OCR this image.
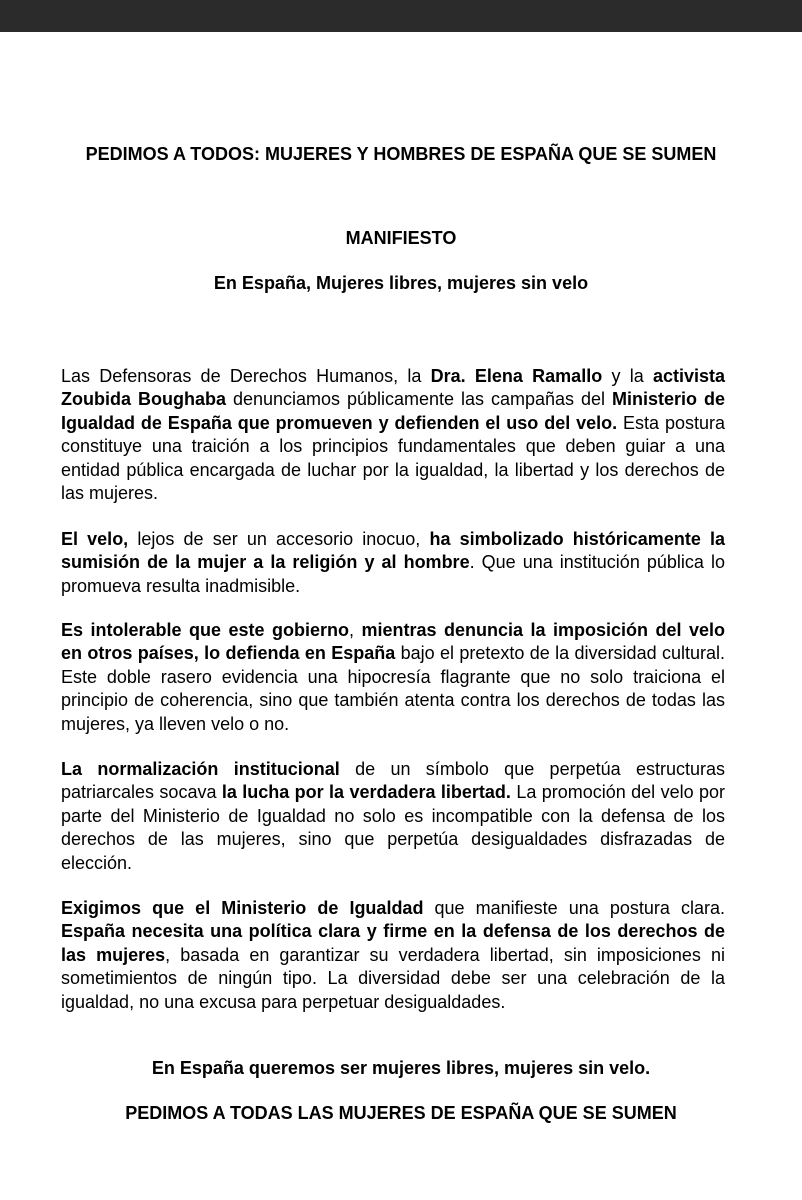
PEDIMOS A TODOS: MUJERES Y HOMBRES DE ESPAÑA QUE SE SUMEN
MANIFIESTO
En España, Mujeres libres, mujeres sin velo

Las Defensoras de Derechos Humanos, la Dra. Elena Ramallo y la activista Zoubida Boughaba denunciamos públicamente las campañas del Ministerio de Igualdad de España que promueven y defienden el uso del velo. Esta postura constituye una traición a los principios fundamentales que deben guiar a una entidad pública encargada de luchar por la igualdad, la libertad y los derechos de las mujeres.

El velo, lejos de ser un accesorio inocuo, ha simbolizado históricamente la sumisión de la mujer a la religión y al hombre. Que una institución pública lo promueva resulta inadmisible.

Es intolerable que este gobierno, mientras denuncia la imposición del velo en otros países, lo defienda en España bajo el pretexto de la diversidad cultural. Este doble rasero evidencia una hipocresía flagrante que no solo traiciona el principio de coherencia, sino que también atenta contra los derechos de todas las mujeres, ya lleven velo o no.

La normalización institucional de un símbolo que perpetúa estructuras patriarcales socava la lucha por la verdadera libertad. La promoción del velo por parte del Ministerio de Igualdad no solo es incompatible con la defensa de los derechos de las mujeres, sino que perpetúa desigualdades disfrazadas de elección.

Exigimos que el Ministerio de Igualdad que manifieste una postura clara. España necesita una política clara y firme en la defensa de los derechos de las mujeres, basada en garantizar su verdadera libertad, sin imposiciones ni sometimientos de ningún tipo. La diversidad debe ser una celebración de la igualdad, no una excusa para perpetuar desigualdades.

En España queremos ser mujeres libres, mujeres sin velo.
PEDIMOS A TODAS LAS MUJERES DE ESPAÑA QUE SE SUMEN
